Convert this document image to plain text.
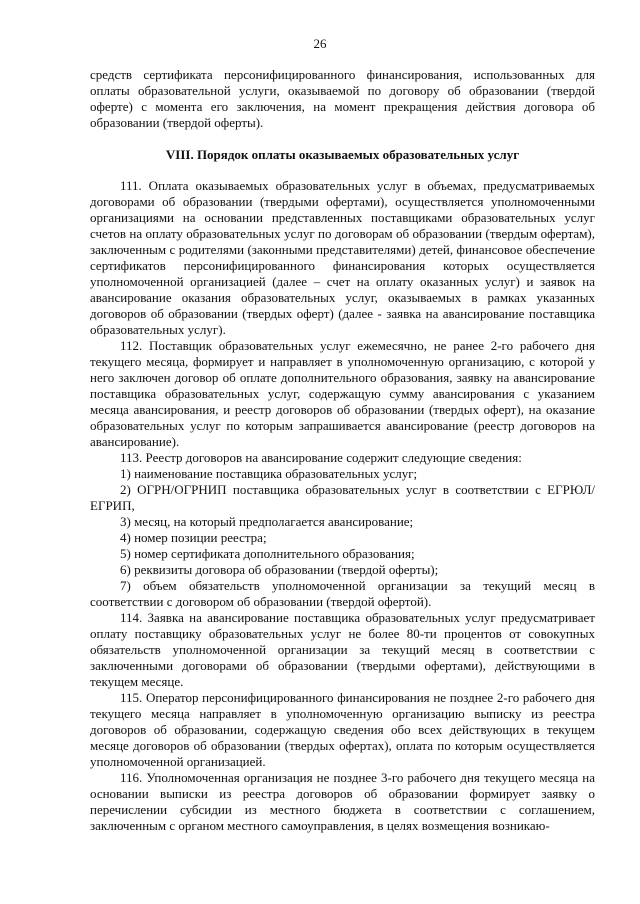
26

средств сертификата персонифицированного финансирования, использованных для оплаты образовательной услуги, оказываемой по договору об образовании (твердой оферте) с момента его заключения, на момент прекращения действия договора об образовании (твердой оферты).

VIII. Порядок оплаты оказываемых образовательных услуг

111. Оплата оказываемых образовательных услуг в объемах, предусматриваемых договорами об образовании (твердыми офертами), осуществляется уполномоченными организациями на основании представленных поставщиками образовательных услуг счетов на оплату образовательных услуг по договорам об образовании (твердым офертам), заключенным с родителями (законными представителями) детей, финансовое обеспечение сертификатов персонифицированного финансирования которых осуществляется уполномоченной организацией (далее – счет на оплату оказанных услуг) и заявок на авансирование оказания образовательных услуг, оказываемых в рамках указанных договоров об образовании (твердых оферт) (далее - заявка на авансирование поставщика образовательных услуг).

112. Поставщик образовательных услуг ежемесячно, не ранее 2-го рабочего дня текущего месяца, формирует и направляет в уполномоченную организацию, с которой у него заключен договор об оплате дополнительного образования, заявку на авансирование поставщика образовательных услуг, содержащую сумму авансирования с указанием месяца авансирования, и реестр договоров об образовании (твердых оферт), на оказание образовательных услуг по которым запрашивается авансирование (реестр договоров на авансирование).

113. Реестр договоров на авансирование содержит следующие сведения:

1) наименование поставщика образовательных услуг;

2) ОГРН/ОГРНИП поставщика образовательных услуг в соответствии с ЕГРЮЛ/ЕГРИП,

3) месяц, на который предполагается авансирование;

4) номер позиции реестра;

5) номер сертификата дополнительного образования;

6) реквизиты договора об образовании (твердой оферты);

7) объем обязательств уполномоченной организации за текущий месяц в соответствии с договором об образовании (твердой офертой).

114. Заявка на авансирование поставщика образовательных услуг предусматривает оплату поставщику образовательных услуг не более 80-ти процентов от совокупных обязательств уполномоченной организации за текущий месяц в соответствии с заключенными договорами об образовании (твердыми офертами), действующими в текущем месяце.

115. Оператор персонифицированного финансирования не позднее 2-го рабочего дня текущего месяца направляет в уполномоченную организацию выписку из реестра договоров об образовании, содержащую сведения обо всех действующих в текущем месяце договоров об образовании (твердых офертах), оплата по которым осуществляется уполномоченной организацией.

116. Уполномоченная организация не позднее 3-го рабочего дня текущего месяца на основании выписки из реестра договоров об образовании формирует заявку о перечислении субсидии из местного бюджета в соответствии с соглашением, заключенным с органом местного самоуправления, в целях возмещения возникаю-
